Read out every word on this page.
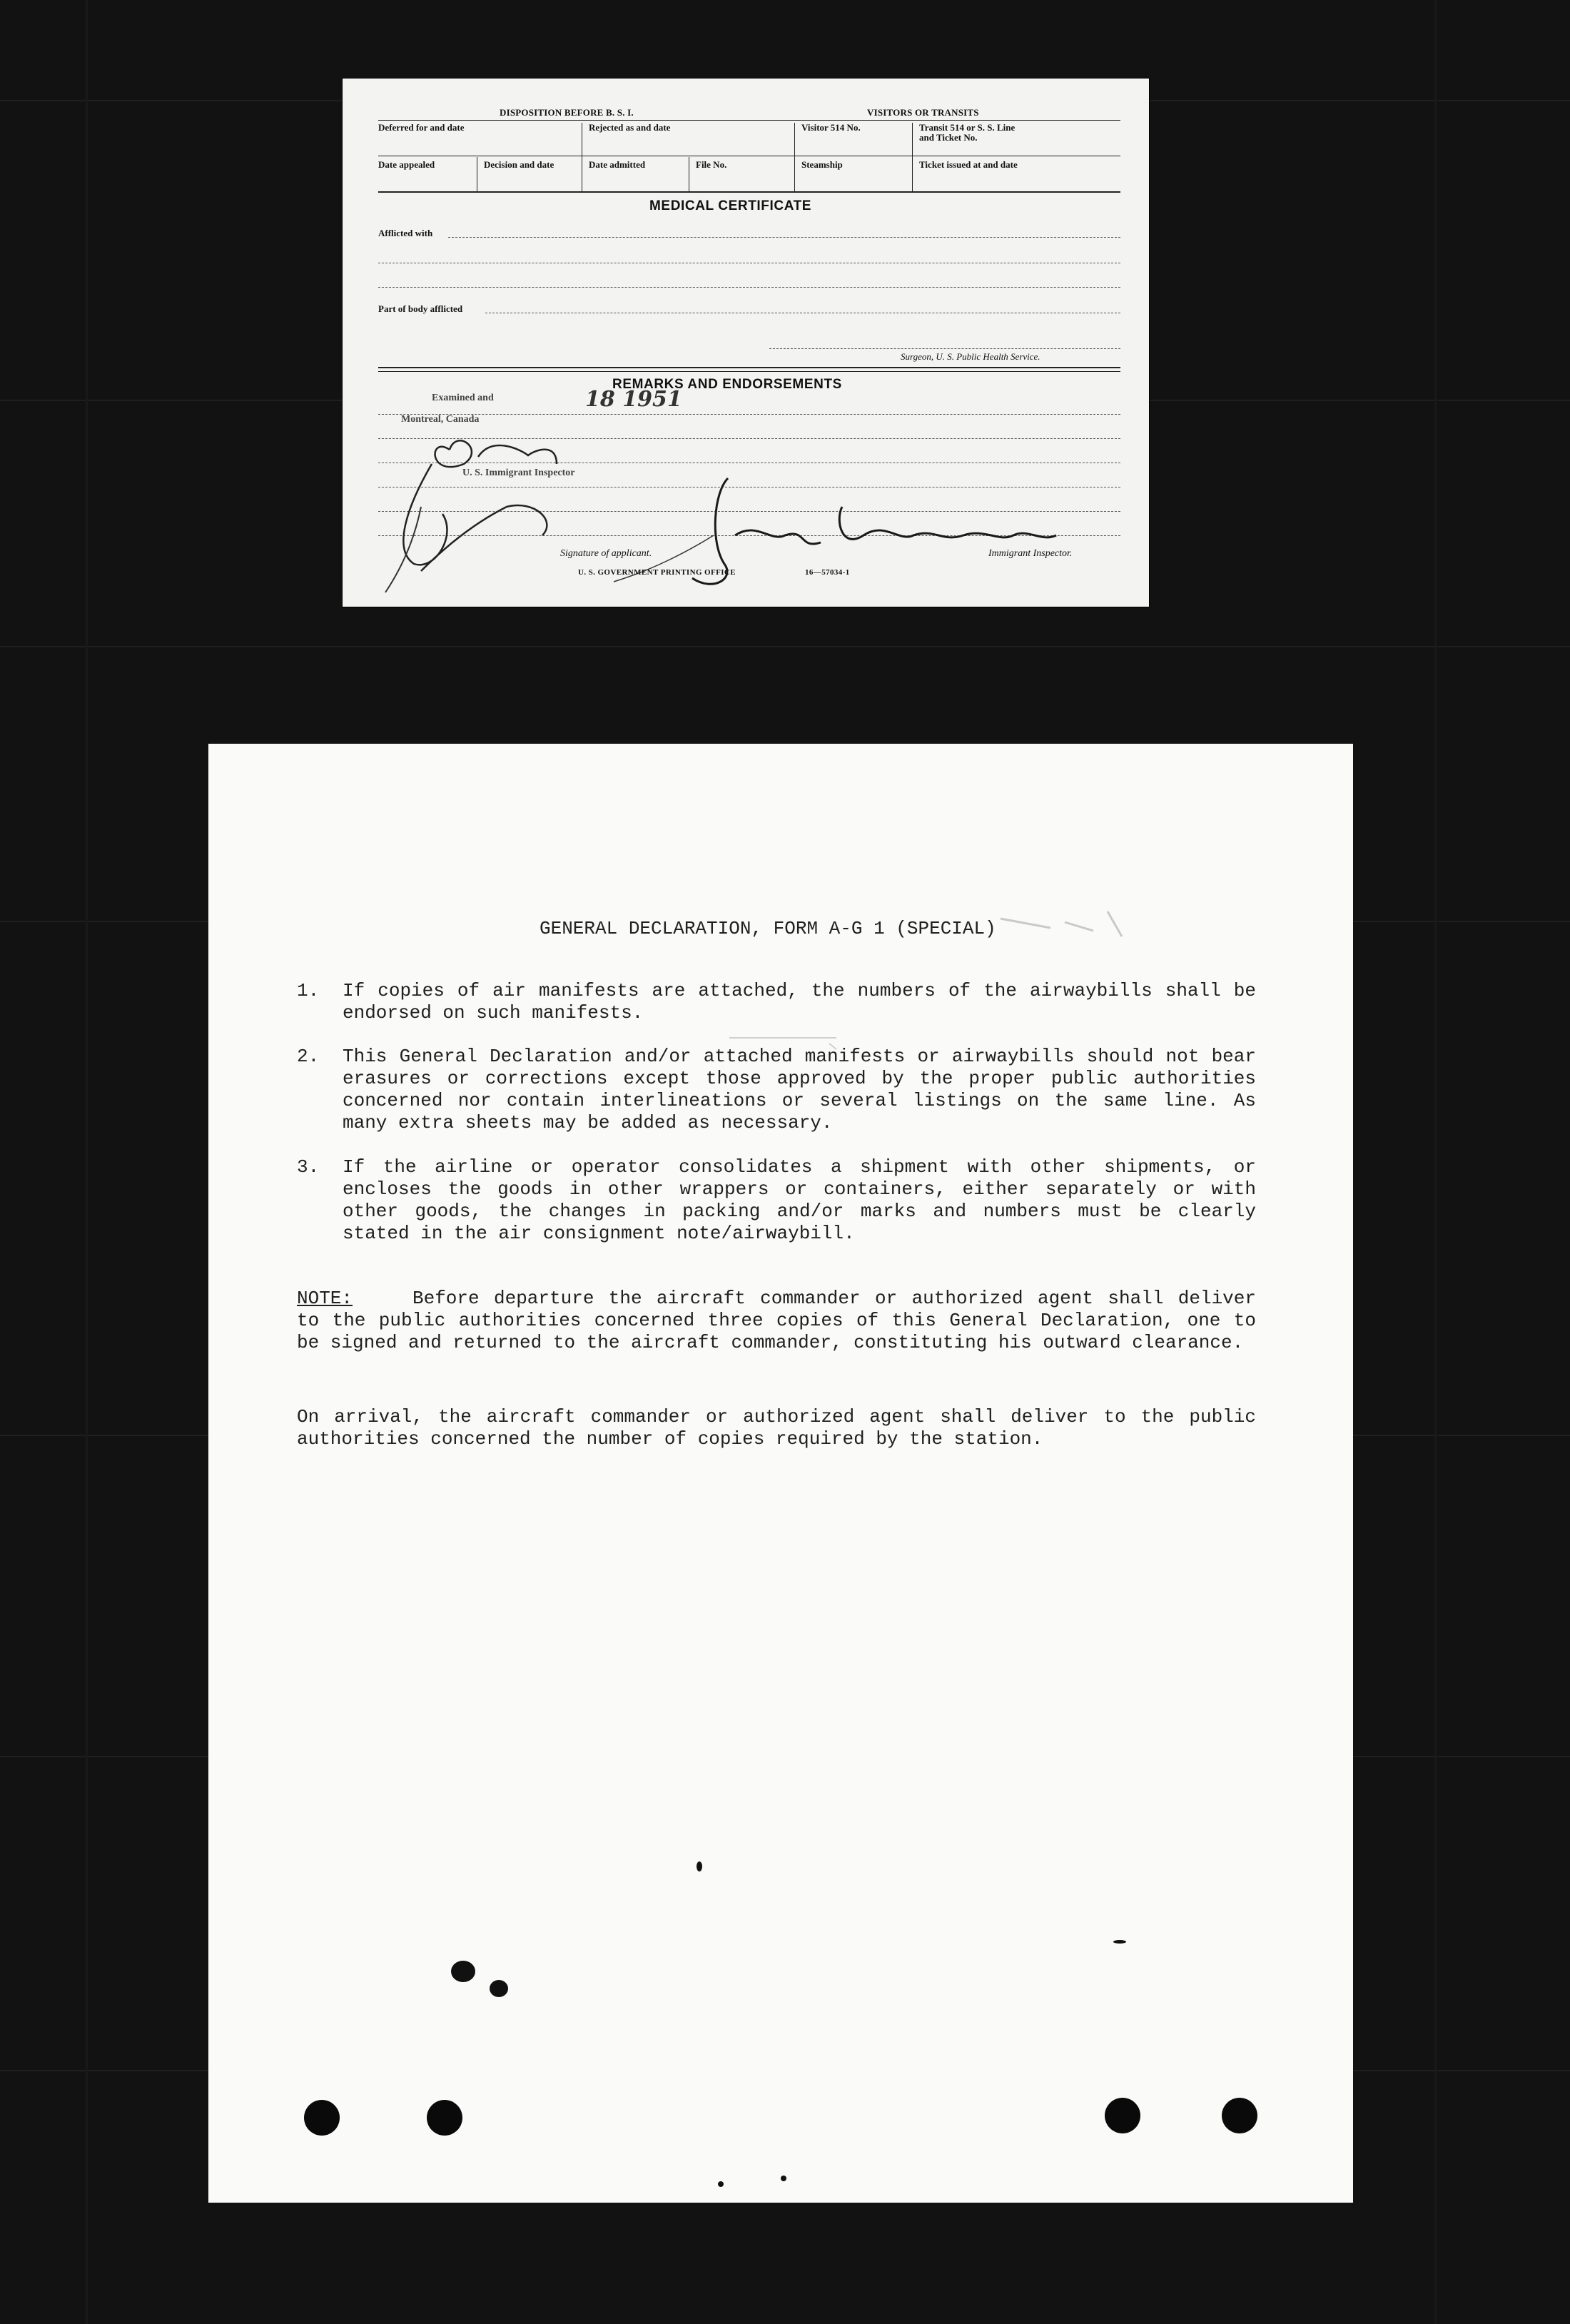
DISPOSITION BEFORE B. S. I.	VISITORS OR TRANSITS
Deferred for and date	Rejected as and date	Visitor 514 No.	Transit 514 or S. S. Line
and Ticket No.
Date appealed	Decision and date	Date admitted	File No.	Steamship	Ticket issued at and date
MEDICAL CERTIFICATE
Afflicted with
Part of body afflicted
Surgeon, U. S. Public Health Service.
REMARKS AND ENDORSEMENTS
Examined and	18 1951
Montreal, Canada
U. S. Immigrant Inspector
Signature of applicant.	Immigrant Inspector.
U. S. GOVERNMENT PRINTING OFFICE	16—57034-1
GENERAL DECLARATION, FORM A-G 1 (SPECIAL)
1. If copies of air manifests are attached, the numbers of the airwaybills shall be endorsed on such manifests.
2. This General Declaration and/or attached manifests or airwaybills should not bear erasures or corrections except those approved by the proper public authorities concerned nor contain interlineations or several listings on the same line. As many extra sheets may be added as necessary.
3. If the airline or operator consolidates a shipment with other shipments, or encloses the goods in other wrappers or containers, either separately or with other goods, the changes in packing and/or marks and numbers must be clearly stated in the air consignment note/airwaybill.
NOTE:	Before departure the aircraft commander or authorized agent shall deliver to the public authorities concerned three copies of this General Declaration, one to be signed and returned to the aircraft commander, constituting his outward clearance.
On arrival, the aircraft commander or authorized agent shall deliver to the public authorities concerned the number of copies required by the station.
